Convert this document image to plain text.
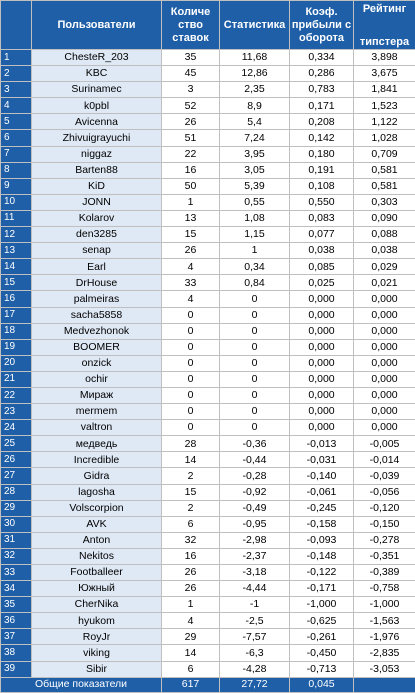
	Пользователи	Количе
ство
ставок	Статистика	Коэф.
прибыли с
оборота	Рейтинг
типстера

1	ChesteR_203	35	11,68	0,334	3,898
2	KBC	45	12,86	0,286	3,675
3	Surinamec	3	2,35	0,783	1,841
4	k0pbl	52	8,9	0,171	1,523
5	Avicenna	26	5,4	0,208	1,122
6	Zhivuigrayuchi	51	7,24	0,142	1,028
7	niggaz	22	3,95	0,180	0,709
8	Barten88	16	3,05	0,191	0,581
9	KiD	50	5,39	0,108	0,581
10	JONN	1	0,55	0,550	0,303
11	Kolarov	13	1,08	0,083	0,090
12	den3285	15	1,15	0,077	0,088
13	senap	26	1	0,038	0,038
14	Earl	4	0,34	0,085	0,029
15	DrHouse	33	0,84	0,025	0,021
16	palmeiras	4	0	0,000	0,000
17	sacha5858	0	0	0,000	0,000
18	Medvezhonok	0	0	0,000	0,000
19	BOOMER	0	0	0,000	0,000
20	onzick	0	0	0,000	0,000
21	ochir	0	0	0,000	0,000
22	Мираж	0	0	0,000	0,000
23	mermem	0	0	0,000	0,000
24	valtron	0	0	0,000	0,000
25	медведь	28	-0,36	-0,013	-0,005
26	Incredible	14	-0,44	-0,031	-0,014
27	Gidra	2	-0,28	-0,140	-0,039
28	lagosha	15	-0,92	-0,061	-0,056
29	Volscorpion	2	-0,49	-0,245	-0,120
30	AVK	6	-0,95	-0,158	-0,150
31	Anton	32	-2,98	-0,093	-0,278
32	Nekitos	16	-2,37	-0,148	-0,351
33	Footballeer	26	-3,18	-0,122	-0,389
34	Южный	26	-4,44	-0,171	-0,758
35	CherNika	1	-1	-1,000	-1,000
36	hyukom	4	-2,5	-0,625	-1,563
37	RoyJr	29	-7,57	-0,261	-1,976
38	viking	14	-6,3	-0,450	-2,835
39	Sibir	6	-4,28	-0,713	-3,053
Общие показатели		617	27,72	0,045	
